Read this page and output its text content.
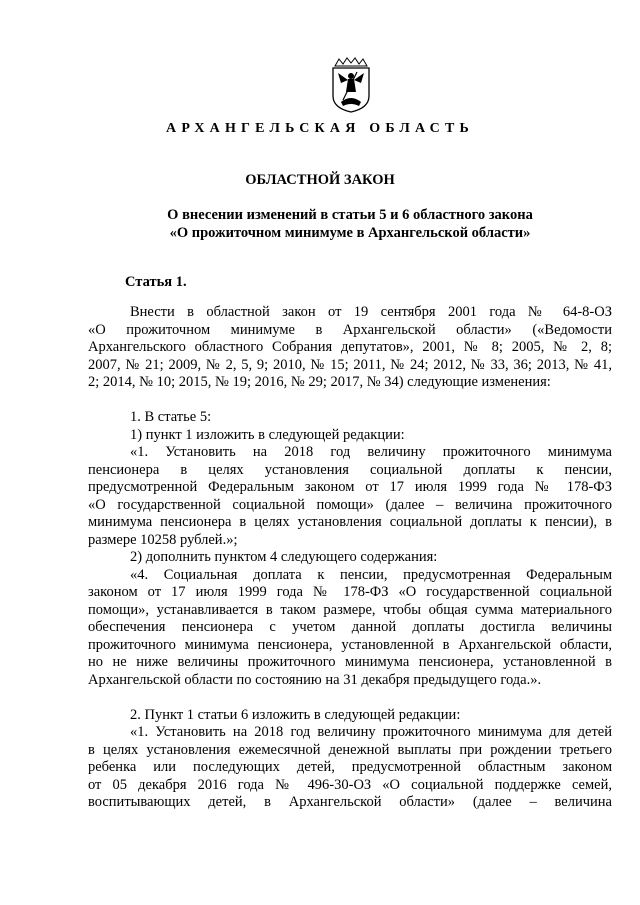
АРХАНГЕЛЬСКАЯ ОБЛАСТЬ
ОБЛАСТНОЙ ЗАКОН
О внесении изменений в статьи 5 и 6 областного закона
«О прожиточном минимуме в Архангельской области»
Статья 1.
Внести в областной закон от 19 сентября 2001 года № 64-8-ОЗ
«О прожиточном минимуме в Архангельской области» («Ведомости
Архангельского областного Собрания депутатов», 2001, № 8; 2005, № 2, 8;
2007, № 21; 2009, № 2, 5, 9; 2010, № 15; 2011, № 24; 2012, № 33, 36; 2013, № 41,
2; 2014, № 10; 2015, № 19; 2016, № 29; 2017, № 34) следующие изменения:
1. В статье 5:
1) пункт 1 изложить в следующей редакции:
«1. Установить на 2018 год величину прожиточного минимума
пенсионера в целях установления социальной доплаты к пенсии,
предусмотренной Федеральным законом от 17 июля 1999 года № 178-ФЗ
«О государственной социальной помощи» (далее – величина прожиточного
минимума пенсионера в целях установления социальной доплаты к пенсии), в
размере 10258 рублей.»;
2) дополнить пунктом 4 следующего содержания:
«4. Социальная доплата к пенсии, предусмотренная Федеральным
законом от 17 июля 1999 года № 178-ФЗ «О государственной социальной
помощи», устанавливается в таком размере, чтобы общая сумма материального
обеспечения пенсионера с учетом данной доплаты достигла величины
прожиточного минимума пенсионера, установленной в Архангельской области,
но не ниже величины прожиточного минимума пенсионера, установленной в
Архангельской области по состоянию на 31 декабря предыдущего года.».
2. Пункт 1 статьи 6 изложить в следующей редакции:
«1. Установить на 2018 год величину прожиточного минимума для детей
в целях установления ежемесячной денежной выплаты при рождении третьего
ребенка или последующих детей, предусмотренной областным законом
от 05 декабря 2016 года № 496-30-ОЗ «О социальной поддержке семей,
воспитывающих детей, в Архангельской области» (далее – величина
